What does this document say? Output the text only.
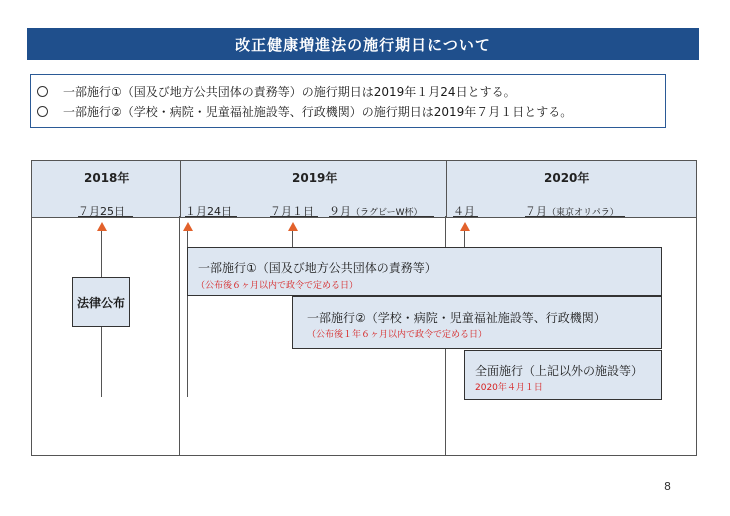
改正健康増進法の施行期日について
一部施行①（国及び地方公共団体の責務等）の施行期日は2019年１月24日とする。
一部施行②（学校・病院・児童福祉施設等、行政機関）の施行期日は2019年７月１日とする。
2018年	2019年	2020年
７月25日	１月24日	７月１日 ９月（ラグビーW杯）	４月	７月（東京オリパラ）
法律公布
一部施行①（国及び地方公共団体の責務等）
（公布後６ヶ月以内で政令で定める日）
一部施行②（学校・病院・児童福祉施設等、行政機関）
（公布後１年６ヶ月以内で政令で定める日）
全面施行（上記以外の施設等）
2020年４月１日
8
